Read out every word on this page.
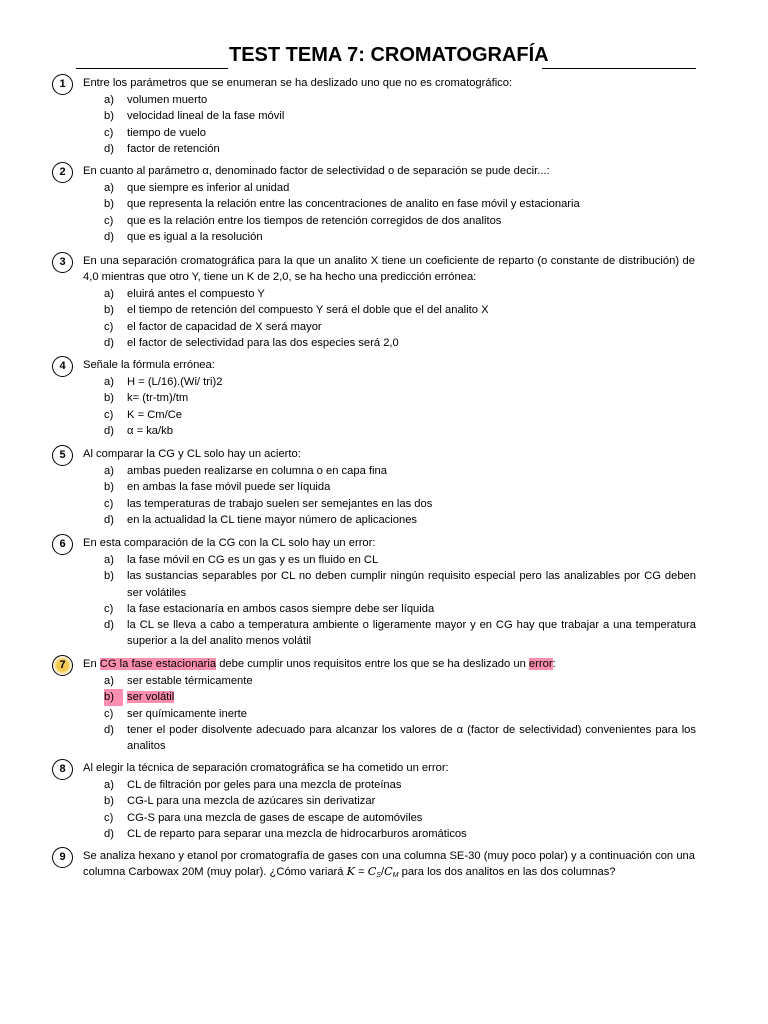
TEST TEMA 7: CROMATOGRAFÍA
1	Entre los parámetros que se enumeran se ha deslizado uno que no es cromatográfico:
a) volumen muerto
b) velocidad lineal de la fase móvil
c) tiempo de vuelo
d) factor de retención
2	En cuanto al parámetro α, denominado factor de selectividad o de separación se pude decir...:
a) que siempre es inferior al unidad
b) que representa la relación entre las concentraciones de analito en fase móvil y estacionaria
c) que es la relación entre los tiempos de retención corregidos de dos analitos
d) que es igual a la resolución
3	En una separación cromatográfica para la que un analito X tiene un coeficiente de reparto (o constante de distribución) de 4,0 mientras que otro Y, tiene un K de 2,0, se ha hecho una predicción errónea:
a) eluirá antes el compuesto Y
b) el tiempo de retención del compuesto Y será el doble que el del analito X
c) el factor de capacidad de X será mayor
d) el factor de selectividad para las dos especies será 2,0
4	Señale la fórmula errónea:
a) H = (L/16).(Wi/ tri)2
b) k= (tr-tm)/tm
c) K = Cm/Ce
d) α = ka/kb
5	Al comparar la CG y CL solo hay un acierto:
a) ambas pueden realizarse en columna o en capa fina
b) en ambas la fase móvil puede ser líquida
c) las temperaturas de trabajo suelen ser semejantes en las dos
d) en la actualidad la CL tiene mayor número de aplicaciones
6	En esta comparación de la CG con la CL solo hay un error:
a) la fase móvil en CG es un gas y es un fluido en CL
b) las sustancias separables por CL no deben cumplir ningún requisito especial pero las analizables por CG deben ser volátiles
c) la fase estacionaría en ambos casos siempre debe ser líquida
d) la CL se lleva a cabo a temperatura ambiente o ligeramente mayor y en CG hay que trabajar a una temperatura superior a la del analito menos volátil
7	En CG la fase estacionaria debe cumplir unos requisitos entre los que se ha deslizado un error:
a) ser estable térmicamente
b)	ser volátil
c) ser químicamente inerte
d) tener el poder disolvente adecuado para alcanzar los valores de α (factor de selectividad) convenientes para los analitos
8	Al elegir la técnica de separación cromatográfica se ha cometido un error:
a) CL de filtración por geles para una mezcla de proteínas
b) CG-L para una mezcla de azúcares sin derivatizar
c) CG-S para una mezcla de gases de escape de automóviles
d) CL de reparto para separar una mezcla de hidrocarburos aromáticos
9	Se analiza hexano y etanol por cromatografía de gases con una columna SE-30 (muy poco polar) y a continuación con una columna Carbowax 20M (muy polar). ¿Cómo variará $K = C_S/C_M$ para los dos analitos en las dos columnas?
